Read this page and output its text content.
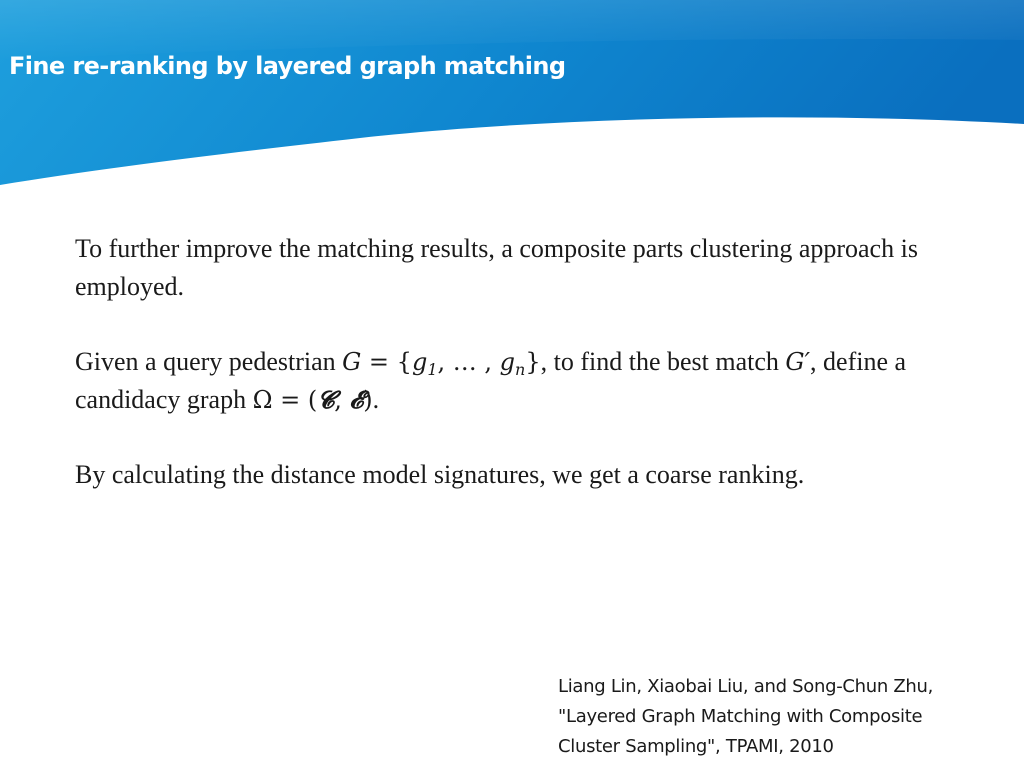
Fine re-ranking by layered graph matching

To further improve the matching results, a composite parts clustering approach is employed.

Given a query pedestrian $G = \{g_1$, … , $g_n$}, to find the best match G′, define a candidacy graph Ω = (𝓒, 𝓔).

By calculating the distance model signatures, we get a coarse ranking.

Liang Lin, Xiaobai Liu, and Song-Chun Zhu,
"Layered Graph Matching with Composite
Cluster Sampling", TPAMI, 2010
